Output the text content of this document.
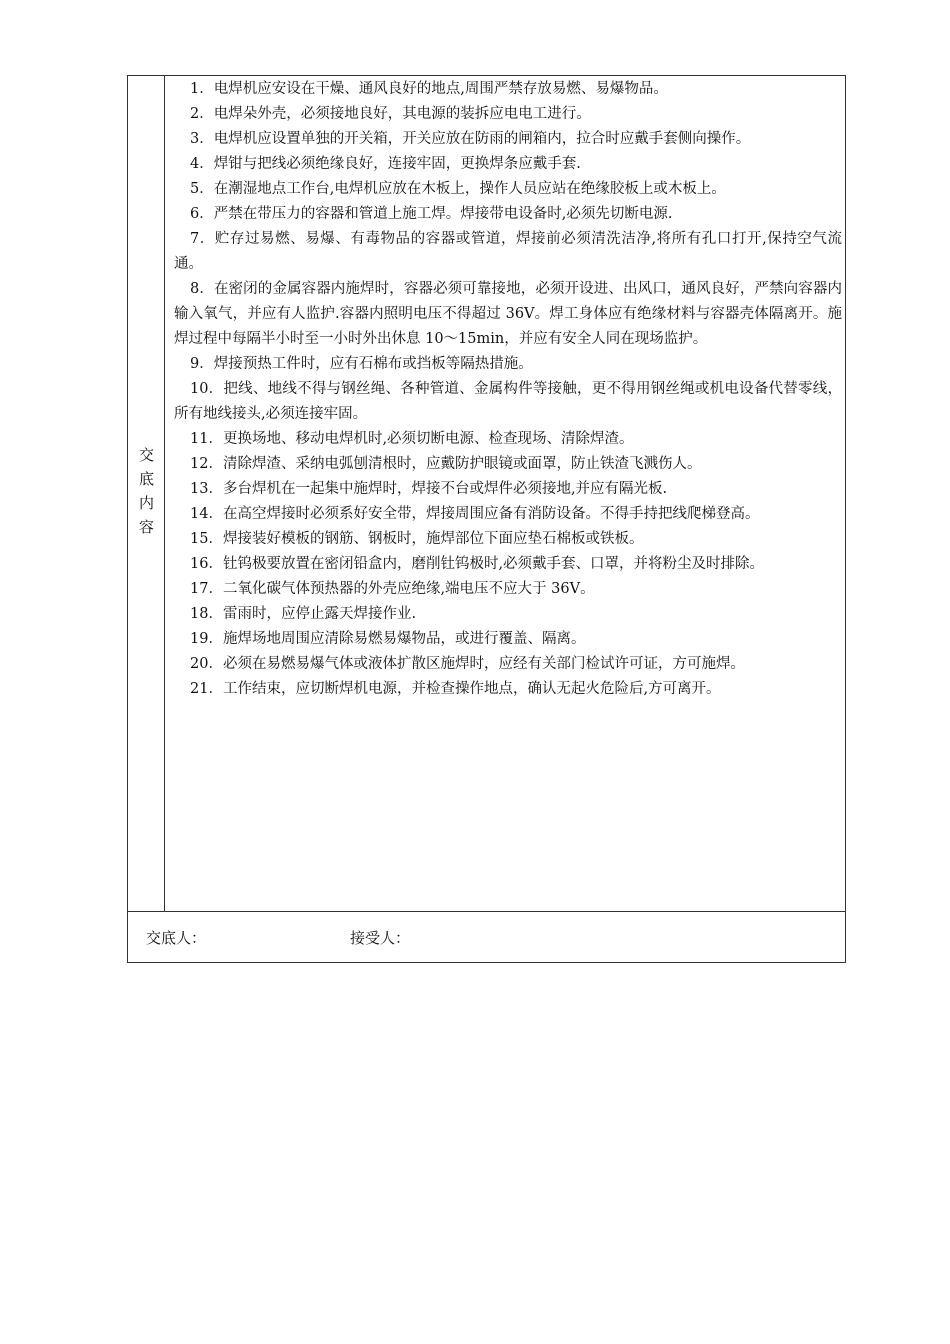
交
底
内
容

1．电焊机应安设在干燥、通风良好的地点,周围严禁存放易燃、易爆物品。

2．电焊朵外壳，必须接地良好，其电源的装拆应电电工进行。

3．电焊机应设置单独的开关箱，开关应放在防雨的闸箱内，拉合时应戴手套侧向操作。

4．焊钳与把线必须绝缘良好，连接牢固，更换焊条应戴手套.

5．在潮湿地点工作台,电焊机应放在木板上，操作人员应站在绝缘胶板上或木板上。

6．严禁在带压力的容器和管道上施工焊。焊接带电设备时,必须先切断电源.

7．贮存过易燃、易爆、有毒物品的容器或管道，焊接前必须清洗洁净,将所有孔口打开,保持空气流通。

8．在密闭的金属容器内施焊时，容器必须可靠接地，必须开设进、出风口，通风良好，严禁向容器内输入氧气，并应有人监护.容器内照明电压不得超过 36V。焊工身体应有绝缘材料与容器壳体隔离开。施焊过程中每隔半小时至一小时外出休息 10～15min，并应有安全人同在现场监护。

9．焊接预热工件时，应有石棉布或挡板等隔热措施。

10．把线、地线不得与钢丝绳、各种管道、金属构件等接触，更不得用钢丝绳或机电设备代替零线，所有地线接头,必须连接牢固。

11．更换场地、移动电焊机时,必须切断电源、检查现场、清除焊渣。

12．清除焊渣、采纳电弧刨清根时，应戴防护眼镜或面罩，防止铁渣飞溅伤人。

13．多台焊机在一起集中施焊时，焊接不台或焊件必须接地,并应有隔光板.

14．在高空焊接时必须系好安全带，焊接周围应备有消防设备。不得手持把线爬梯登高。

15．焊接装好模板的钢筋、钢板时，施焊部位下面应垫石棉板或铁板。

16．钍钨极要放置在密闭铅盒内，磨削钍钨极时,必须戴手套、口罩，并将粉尘及时排除。

17．二氧化碳气体预热器的外壳应绝缘,端电压不应大于 36V。

18．雷雨时，应停止露天焊接作业.

19．施焊场地周围应清除易燃易爆物品，或进行覆盖、隔离。

20．必须在易燃易爆气体或液体扩散区施焊时，应经有关部门检试许可证，方可施焊。

21．工作结束，应切断焊机电源，并检查操作地点，确认无起火危险后,方可离开。

交底人：	接受人：
